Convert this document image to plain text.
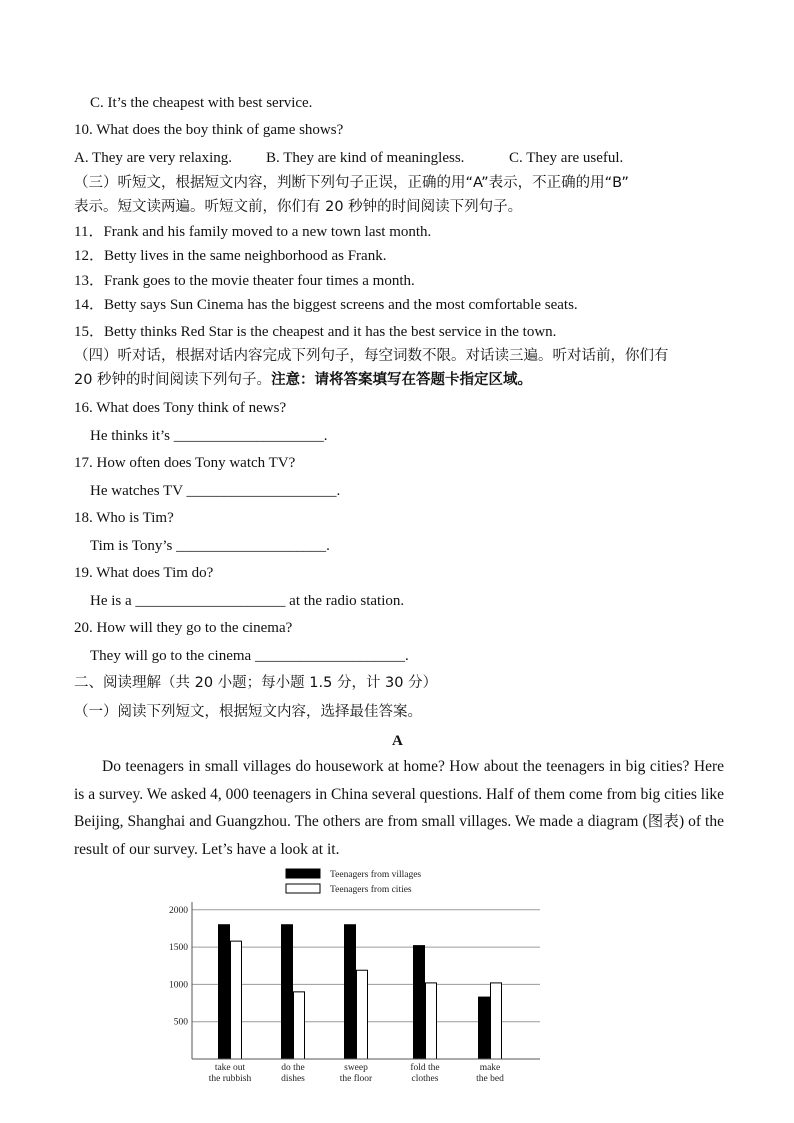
C. It’s the cheapest with best service.
10. What does the boy think of game shows?
A. They are very relaxing. B. They are kind of meaningless.	C. They are useful.
（三）听短文，根据短文内容，判断下列句子正误，正确的用“A”表示，不正确的用“B”
表示。短文读两遍。听短文前，你们有 20 秒钟的时间阅读下列句子。
11．Frank and his family moved to a new town last month.
12．Betty lives in the same neighborhood as Frank.
13．Frank goes to the movie theater four times a month.
14．Betty says Sun Cinema has the biggest screens and the most comfortable seats.
15．Betty thinks Red Star is the cheapest and it has the best service in the town.
（四）听对话，根据对话内容完成下列句子，每空词数不限。对话读三遍。听对话前，你们有
20 秒钟的时间阅读下列句子。注意：请将答案填写在答题卡指定区域。
16. What does Tony think of news?
He thinks it’s ____________________.
17. How often does Tony watch TV?
He watches TV ____________________.
18. Who is Tim?
Tim is Tony’s ____________________.
19. What does Tim do?
He is a ____________________ at the radio station.
20. How will they go to the cinema?
They will go to the cinema ____________________.
二、阅读理解（共 20 小题；每小题 1.5 分，计 30 分）
（一）阅读下列短文，根据短文内容，选择最佳答案。
A
Do teenagers in small villages do housework at home? How about the teenagers in big cities? Here is a survey. We asked 4, 000 teenagers in China several questions. Half of them come from big cities like Beijing, Shanghai and Guangzhou. The others are from small villages. We made a diagram (图表) of the result of our survey. Let’s have a look at it.
Teenagers from villages
Teenagers from cities
500
1000
1500
2000
take out
the rubbish
do the
dishes
sweep
the floor
fold the
clothes
make
the bed
